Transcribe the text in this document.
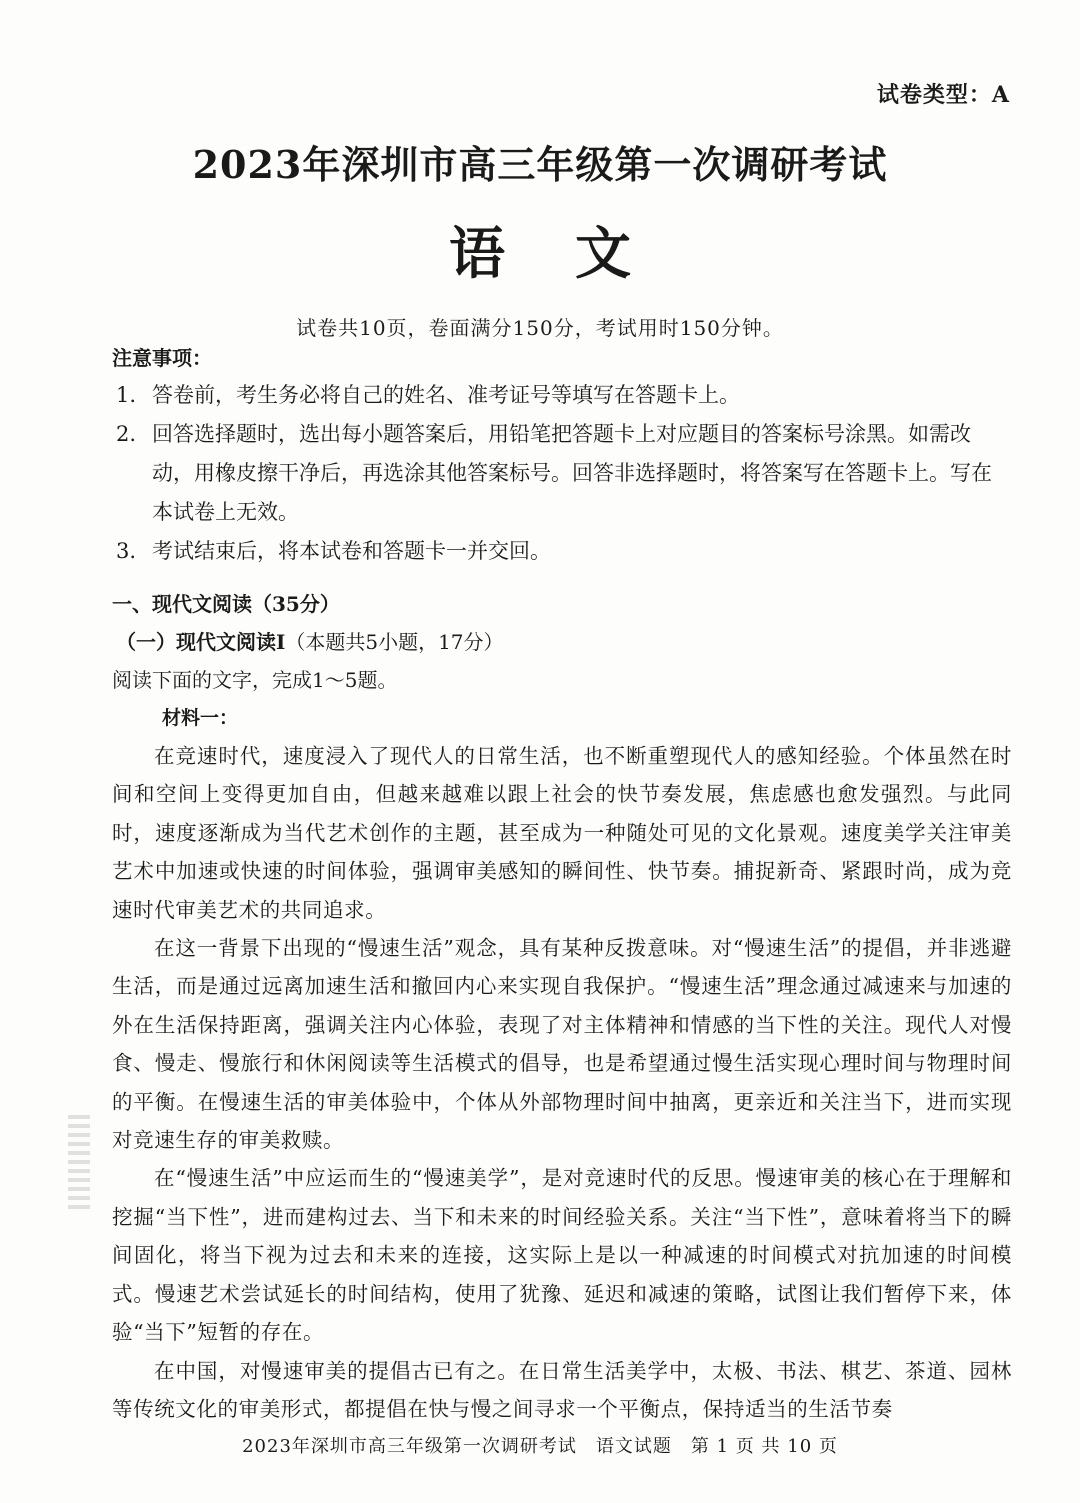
试卷类型：A
2023年深圳市高三年级第一次调研考试
语文
试卷共10页，卷面满分150分，考试用时150分钟。
注意事项：
1. 答卷前，考生务必将自己的姓名、准考证号等填写在答题卡上。
2. 回答选择题时，选出每小题答案后，用铅笔把答题卡上对应题目的答案标号涂黑。如需改动，用橡皮擦干净后，再选涂其他答案标号。回答非选择题时，将答案写在答题卡上。写在本试卷上无效。
3. 考试结束后，将本试卷和答题卡一并交回。
一、现代文阅读（35分）
（一）现代文阅读Ⅰ（本题共5小题，17分）
阅读下面的文字，完成1～5题。
材料一：

在竞速时代，速度浸入了现代人的日常生活，也不断重塑现代人的感知经验。个体虽然在时间和空间上变得更加自由，但越来越难以跟上社会的快节奏发展，焦虑感也愈发强烈。与此同时，速度逐渐成为当代艺术创作的主题，甚至成为一种随处可见的文化景观。速度美学关注审美艺术中加速或快速的时间体验，强调审美感知的瞬间性、快节奏。捕捉新奇、紧跟时尚，成为竞速时代审美艺术的共同追求。

在这一背景下出现的“慢速生活”观念，具有某种反拨意味。对“慢速生活”的提倡，并非逃避生活，而是通过远离加速生活和撤回内心来实现自我保护。“慢速生活”理念通过减速来与加速的外在生活保持距离，强调关注内心体验，表现了对主体精神和情感的当下性的关注。现代人对慢食、慢走、慢旅行和休闲阅读等生活模式的倡导，也是希望通过慢生活实现心理时间与物理时间的平衡。在慢速生活的审美体验中，个体从外部物理时间中抽离，更亲近和关注当下，进而实现对竞速生存的审美救赎。

在“慢速生活”中应运而生的“慢速美学”，是对竞速时代的反思。慢速审美的核心在于理解和挖掘“当下性”，进而建构过去、当下和未来的时间经验关系。关注“当下性”，意味着将当下的瞬间固化，将当下视为过去和未来的连接，这实际上是以一种减速的时间模式对抗加速的时间模式。慢速艺术尝试延长的时间结构，使用了犹豫、延迟和减速的策略，试图让我们暂停下来，体验“当下”短暂的存在。

在中国，对慢速审美的提倡古已有之。在日常生活美学中，太极、书法、棋艺、茶道、园林等传统文化的审美形式，都提倡在快与慢之间寻求一个平衡点，保持适当的生活节奏

2023年深圳市高三年级第一次调研考试　语文试题　第 1 页 共 10 页
